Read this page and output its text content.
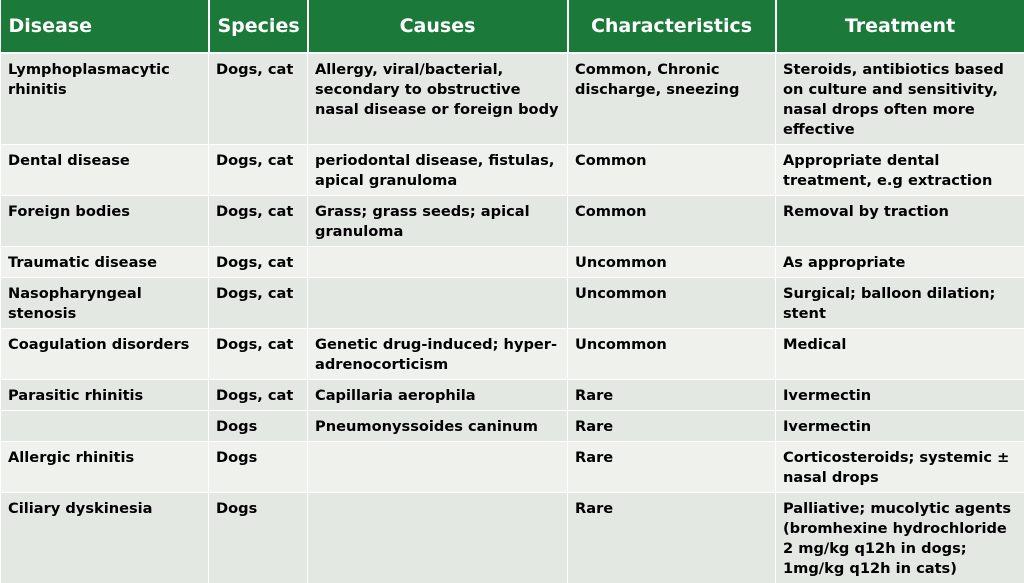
Disease	Species	Causes	Characteristics	Treatment
Lymphoplasmacytic rhinitis	Dogs, cat	Allergy, viral/bacterial, secondary to obstructive nasal disease or foreign body	Common, Chronic discharge, sneezing	Steroids, antibiotics based on culture and sensitivity, nasal drops often more effective
Dental disease	Dogs, cat	periodontal disease, fistulas, apical granuloma	Common	Appropriate dental treatment, e.g extraction
Foreign bodies	Dogs, cat	Grass; grass seeds; apical granuloma	Common	Removal by traction
Traumatic disease	Dogs, cat		Uncommon	As appropriate
Nasopharyngeal stenosis	Dogs, cat		Uncommon	Surgical; balloon dilation; stent
Coagulation disorders	Dogs, cat	Genetic drug-induced; hyper-adrenocorticism	Uncommon	Medical
Parasitic rhinitis	Dogs, cat	Capillaria aerophila	Rare	Ivermectin
	Dogs	Pneumonyssoides caninum	Rare	Ivermectin
Allergic rhinitis	Dogs		Rare	Corticosteroids; systemic ± nasal drops
Ciliary dyskinesia	Dogs		Rare	Palliative; mucolytic agents (bromhexine hydrochloride 2 mg/kg q12h in dogs; 1mg/kg q12h in cats)
